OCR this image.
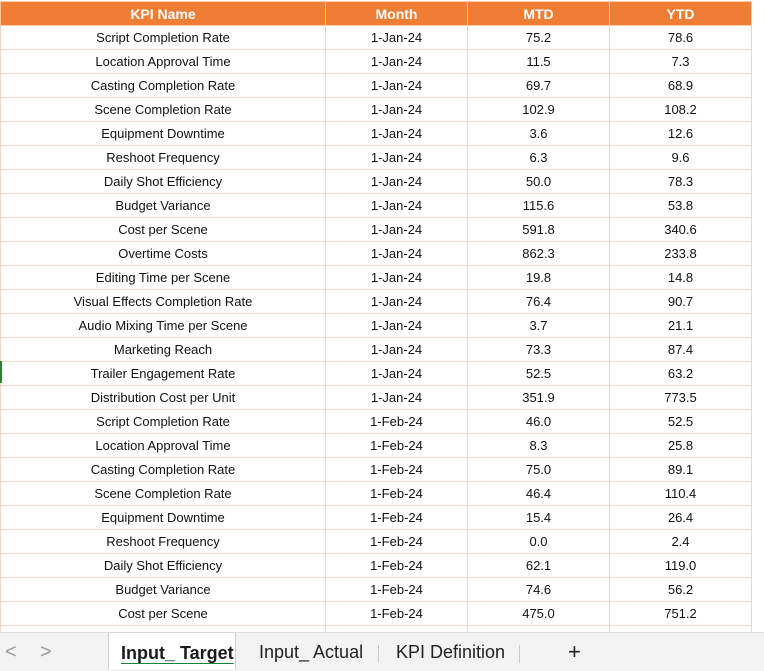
KPI Name	Month	MTD	YTD
Script Completion Rate	1-Jan-24	75.2	78.6
Location Approval Time	1-Jan-24	11.5	7.3
Casting Completion Rate	1-Jan-24	69.7	68.9
Scene Completion Rate	1-Jan-24	102.9	108.2
Equipment Downtime	1-Jan-24	3.6	12.6
Reshoot Frequency	1-Jan-24	6.3	9.6
Daily Shot Efficiency	1-Jan-24	50.0	78.3
Budget Variance	1-Jan-24	115.6	53.8
Cost per Scene	1-Jan-24	591.8	340.6
Overtime Costs	1-Jan-24	862.3	233.8
Editing Time per Scene	1-Jan-24	19.8	14.8
Visual Effects Completion Rate	1-Jan-24	76.4	90.7
Audio Mixing Time per Scene	1-Jan-24	3.7	21.1
Marketing Reach	1-Jan-24	73.3	87.4
Trailer Engagement Rate	1-Jan-24	52.5	63.2
Distribution Cost per Unit	1-Jan-24	351.9	773.5
Script Completion Rate	1-Feb-24	46.0	52.5
Location Approval Time	1-Feb-24	8.3	25.8
Casting Completion Rate	1-Feb-24	75.0	89.1
Scene Completion Rate	1-Feb-24	46.4	110.4
Equipment Downtime	1-Feb-24	15.4	26.4
Reshoot Frequency	1-Feb-24	0.0	2.4
Daily Shot Efficiency	1-Feb-24	62.1	119.0
Budget Variance	1-Feb-24	74.6	56.2
Cost per Scene	1-Feb-24	475.0	751.2

< >	Input_ Target Input_ Actual KPI Definition	+
